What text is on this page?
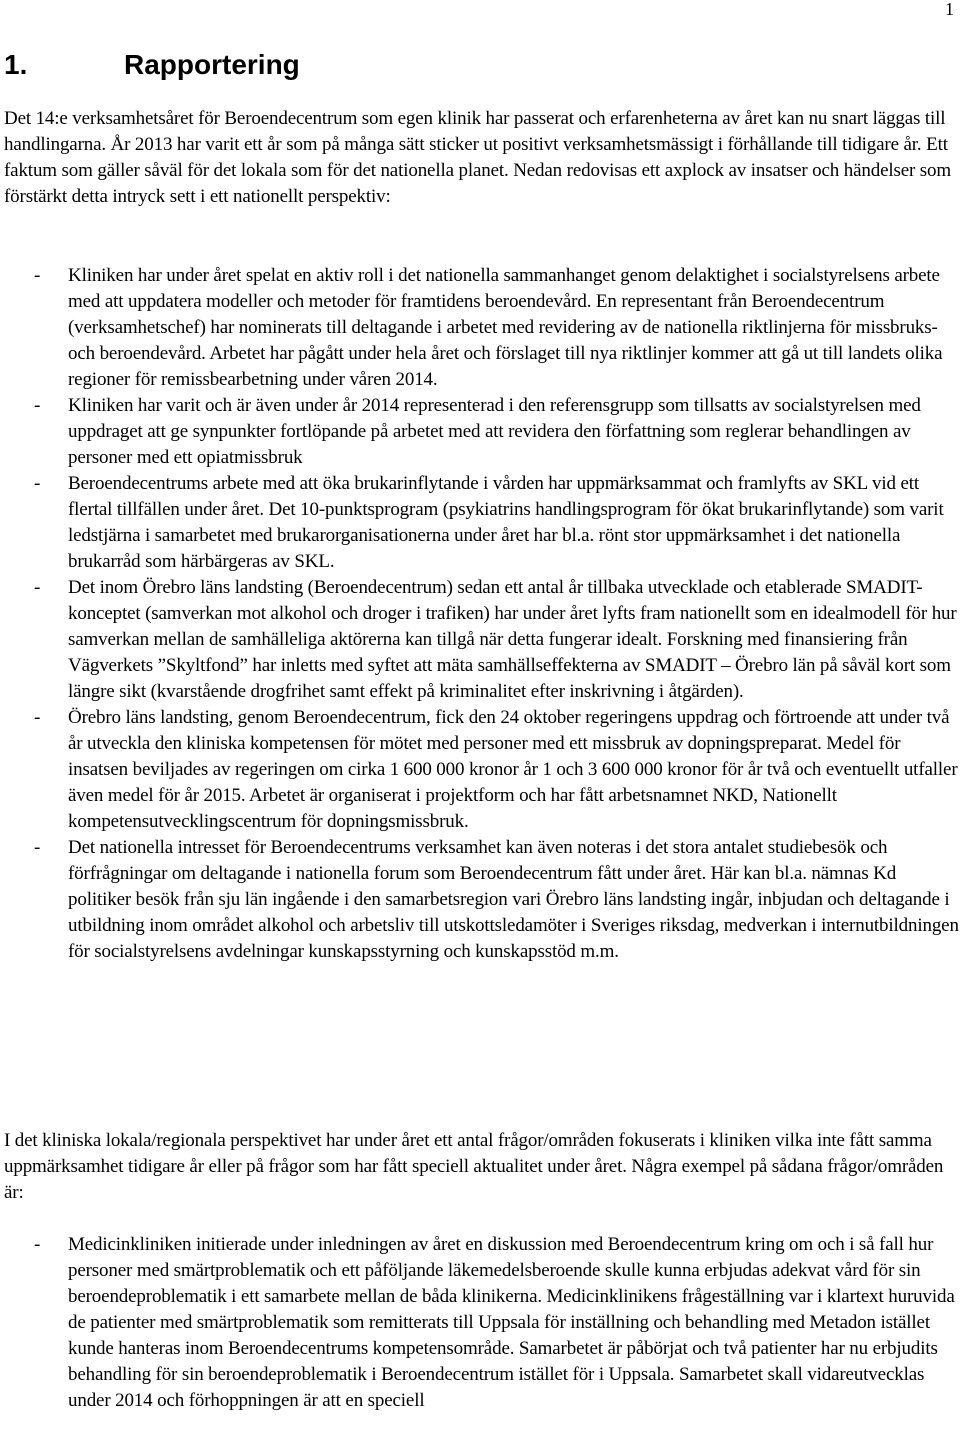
1
1.	Rapportering

Det 14:e verksamhetsåret för Beroendecentrum som egen klinik har passerat och erfarenheterna av året kan nu snart läggas till handlingarna. År 2013 har varit ett år som på många sätt sticker ut positivt verksamhetsmässigt i förhållande till tidigare år. Ett faktum som gäller såväl för det lokala som för det nationella planet. Nedan redovisas ett axplock av insatser och händelser som förstärkt detta intryck sett i ett nationellt perspektiv:

- Kliniken har under året spelat en aktiv roll i det nationella sammanhanget genom delaktighet i socialstyrelsens arbete med att uppdatera modeller och metoder för framtidens beroendevård. En representant från Beroendecentrum (verksamhetschef) har nominerats till deltagande i arbetet med revidering av de nationella riktlinjerna för missbruks- och beroendevård. Arbetet har pågått under hela året och förslaget till nya riktlinjer kommer att gå ut till landets olika regioner för remissbearbetning under våren 2014.
- Kliniken har varit och är även under år 2014 representerad i den referensgrupp som tillsatts av socialstyrelsen med uppdraget att ge synpunkter fortlöpande på arbetet med att revidera den författning som reglerar behandlingen av personer med ett opiatmissbruk
- Beroendecentrums arbete med att öka brukarinflytande i vården har uppmärksammat och framlyfts av SKL vid ett flertal tillfällen under året. Det 10-punktsprogram (psykiatrins handlingsprogram för ökat brukarinflytande) som varit ledstjärna i samarbetet med brukarorganisationerna under året har bl.a. rönt stor uppmärksamhet i det nationella brukarråd som härbärgeras av SKL.
- Det inom Örebro läns landsting (Beroendecentrum) sedan ett antal år tillbaka utvecklade och etablerade SMADIT- konceptet (samverkan mot alkohol och droger i trafiken) har under året lyfts fram nationellt som en idealmodell för hur samverkan mellan de samhälleliga aktörerna kan tillgå när detta fungerar idealt. Forskning med finansiering från Vägverkets ”Skyltfond” har inletts med syftet att mäta samhällseffekterna av SMADIT – Örebro län på såväl kort som längre sikt (kvarstående drogfrihet samt effekt på kriminalitet efter inskrivning i åtgärden).
- Örebro läns landsting, genom Beroendecentrum, fick den 24 oktober regeringens uppdrag och förtroende att under två år utveckla den kliniska kompetensen för mötet med personer med ett missbruk av dopningspreparat. Medel för insatsen beviljades av regeringen om cirka 1 600 000 kronor år 1 och 3 600 000 kronor för år två och eventuellt utfaller även medel för år 2015. Arbetet är organiserat i projektform och har fått arbetsnamnet NKD, Nationellt kompetensutvecklingscentrum för dopningsmissbruk.
- Det nationella intresset för Beroendecentrums verksamhet kan även noteras i det stora antalet studiebesök och förfrågningar om deltagande i nationella forum som Beroendecentrum fått under året. Här kan bl.a. nämnas Kd politiker besök från sju län ingående i den samarbetsregion vari Örebro läns landsting ingår, inbjudan och deltagande i utbildning inom området alkohol och arbetsliv till utskottsledamöter i Sveriges riksdag, medverkan i internutbildningen för socialstyrelsens avdelningar kunskapsstyrning och kunskapsstöd m.m.

I det kliniska lokala/regionala perspektivet har under året ett antal frågor/områden fokuserats i kliniken vilka inte fått samma uppmärksamhet tidigare år eller på frågor som har fått speciell aktualitet under året. Några exempel på sådana frågor/områden är:

- Medicinkliniken initierade under inledningen av året en diskussion med Beroendecentrum kring om och i så fall hur personer med smärtproblematik och ett påföljande läkemedelsberoende skulle kunna erbjudas adekvat vård för sin beroendeproblematik i ett samarbete mellan de båda klinikerna. Medicinklinikens frågeställning var i klartext huruvida de patienter med smärtproblematik som remitterats till Uppsala för inställning och behandling med Metadon istället kunde hanteras inom Beroendecentrums kompetensområde. Samarbetet är påbörjat och två patienter har nu erbjudits behandling för sin beroendeproblematik i Beroendecentrum istället för i Uppsala. Samarbetet skall vidareutvecklas under 2014 och förhoppningen är att en speciell
